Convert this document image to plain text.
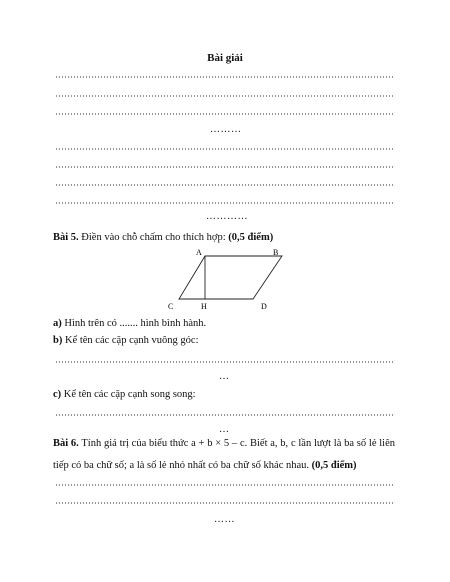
Bài giải
………
…………
Bài 5. Điền vào chỗ chấm cho thích hợp: (0,5 điểm)
A	B
C	H	D
a) Hình trên có ....... hình bình hành.
b) Kể tên các cặp cạnh vuông góc:
…
c) Kể tên các cặp cạnh song song:
…
Bài 6. Tính giá trị của biểu thức a + b × 5 – c. Biết a, b, c lần lượt là ba số lẻ liên tiếp có ba chữ số; a là số lẻ nhỏ nhất có ba chữ số khác nhau. (0,5 điểm)
……
